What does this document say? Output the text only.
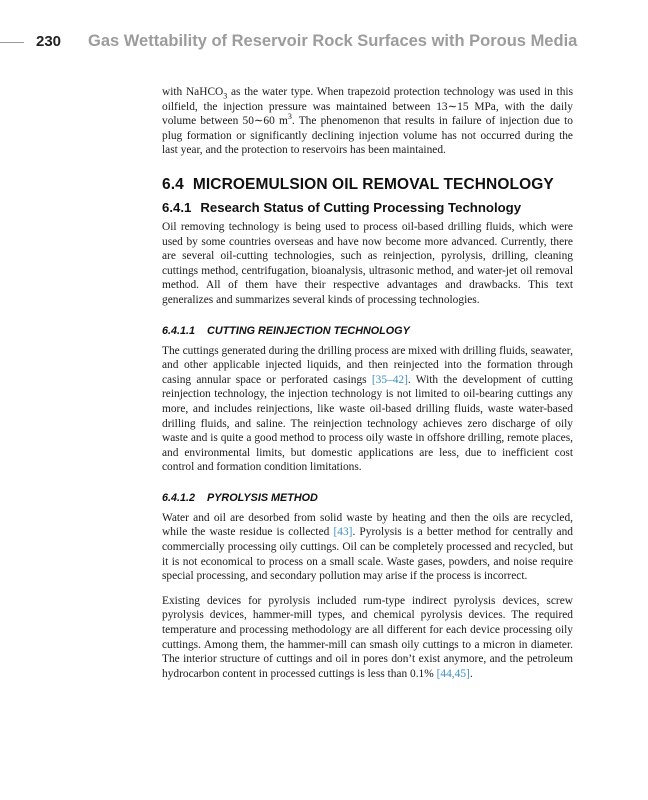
230 Gas Wettability of Reservoir Rock Surfaces with Porous Media

with NaHCO$_3$ as the water type. When trapezoid protection technology was used in this oilfield, the injection pressure was maintained between 13∼15 MPa, with the daily volume between 50∼60 $m^3$. The phenomenon that results in failure of injection due to plug formation or significantly declining injection volume has not occurred during the last year, and the protection to reservoirs has been maintained.

6.4 MICROEMULSION OIL REMOVAL TECHNOLOGY
6.4.1 Research Status of Cutting Processing Technology

Oil removing technology is being used to process oil-based drilling fluids, which were used by some countries overseas and have now become more advanced. Currently, there are several oil-cutting technologies, such as reinjection, pyrolysis, drilling, cleaning cuttings method, centrifugation, bioanalysis, ultrasonic method, and water-jet oil removal method. All of them have their respective advantages and drawbacks. This text generalizes and summarizes several kinds of processing technologies.

6.4.1.1 CUTTING REINJECTION TECHNOLOGY

The cuttings generated during the drilling process are mixed with drilling fluids, seawater, and other applicable injected liquids, and then reinjected into the formation through casing annular space or perforated casings [35–42]. With the development of cutting reinjection technology, the injection technology is not limited to oil-bearing cuttings any more, and includes reinjections, like waste oil-based drilling fluids, waste water-based drilling fluids, and saline. The reinjection technology achieves zero discharge of oily waste and is quite a good method to process oily waste in offshore drilling, remote places, and environmental limits, but domestic applications are less, due to inefficient cost control and formation condition limitations.

6.4.1.2 PYROLYSIS METHOD

Water and oil are desorbed from solid waste by heating and then the oils are recycled, while the waste residue is collected [43]. Pyrolysis is a better method for centrally and commercially processing oily cuttings. Oil can be completely processed and recycled, but it is not economical to process on a small scale. Waste gases, powders, and noise require special processing, and secondary pollution may arise if the process is incorrect.

Existing devices for pyrolysis included rum-type indirect pyrolysis devices, screw pyrolysis devices, hammer-mill types, and chemical pyrolysis devices. The required temperature and processing methodology are all different for each device processing oily cuttings. Among them, the hammer-mill can smash oily cuttings to a micron in diameter. The interior structure of cuttings and oil in pores don’t exist anymore, and the petroleum hydrocarbon content in processed cuttings is less than 0.1% [44,45].
